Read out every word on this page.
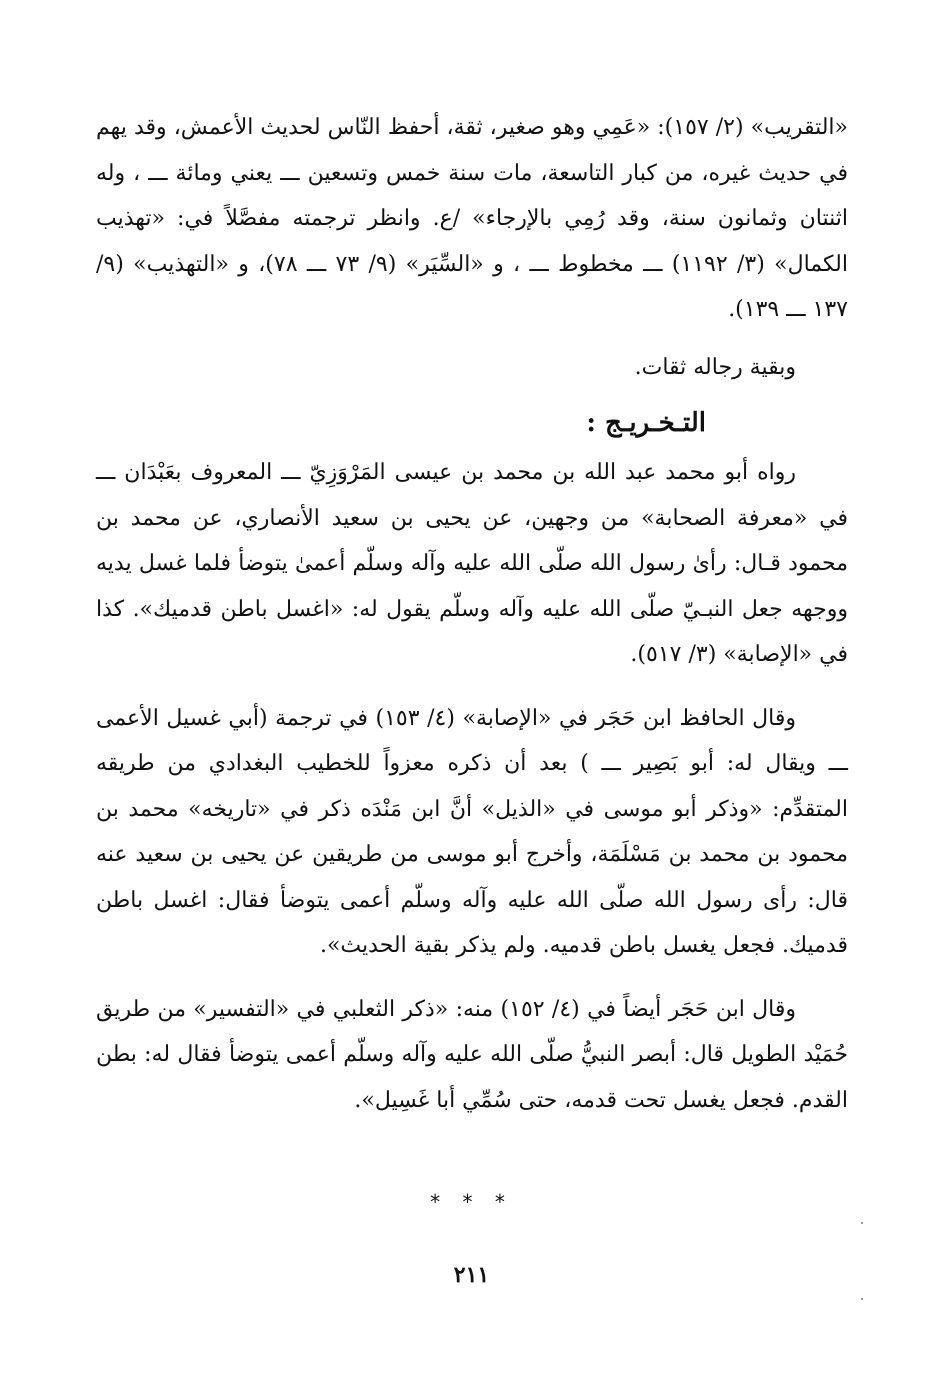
«التقريب» (٢/ ١٥٧): «عَمِي وهو صغير، ثقة، أحفظ النّاس لحديث الأعمش، وقد يهم في حديث غيره، من كبار التاسعة، مات سنة خمس وتسعين ـــ يعني ومائة ـــ ، وله اثنتان وثمانون سنة، وقد رُمِي بالإرجاء» /ع. وانظر ترجمته مفصَّلاً في: «تهذيب الكمال» (٣/ ١١٩٢) ـــ مخطوط ـــ ، و «السِّيَر» (٩/ ٧٣ ـــ ٧٨)، و «التهذيب» (٩/ ١٣٧ ـــ ١٣٩).

وبقية رجاله ثقات.

التـخـريـج :

رواه أبو محمد عبد الله بن محمد بن عيسى المَرْوَزِيّ ـــ المعروف بعَبْدَان ـــ في «معرفة الصحابة» من وجهين، عن يحيى بن سعيد الأنصاري، عن محمد بن محمود قـال: رأىٰ رسول الله صلّى الله عليه وآله وسلّم أعمىٰ يتوضأ فلما غسل يديه ووجهه جعل النبـيّ صلّى الله عليه وآله وسلّم يقول له: «اغسل باطن قدميك». كذا في «الإصابة» (٣/ ٥١٧).

وقال الحافظ ابن حَجَر في «الإصابة» (٤/ ١٥٣) في ترجمة (أبي غسيل الأعمى ـــ ويقال له: أبو بَصِير ـــ ) بعد أن ذكره معزواً للخطيب البغدادي من طريقه المتقدِّم: «وذكر أبو موسى في «الذيل» أنَّ ابن مَنْدَه ذكر في «تاريخه» محمد بن محمود بن محمد بن مَسْلَمَة، وأخرج أبو موسى من طريقين عن يحيى بن سعيد عنه قال: رأى رسول الله صلّى الله عليه وآله وسلّم أعمى يتوضأ فقال: اغسل باطن قدميك. فجعل يغسل باطن قدميه. ولم يذكر بقية الحديث».

وقال ابن حَجَر أيضاً في (٤/ ١٥٢) منه: «ذكر الثعلبي في «التفسير» من طريق حُمَيْد الطويل قال: أبصر النبيُّ صلّى الله عليه وآله وسلّم أعمى يتوضأ فقال له: بطن القدم. فجعل يغسل تحت قدمه، حتى سُمِّي أبا غَسِيل».

* * *
٢١١
